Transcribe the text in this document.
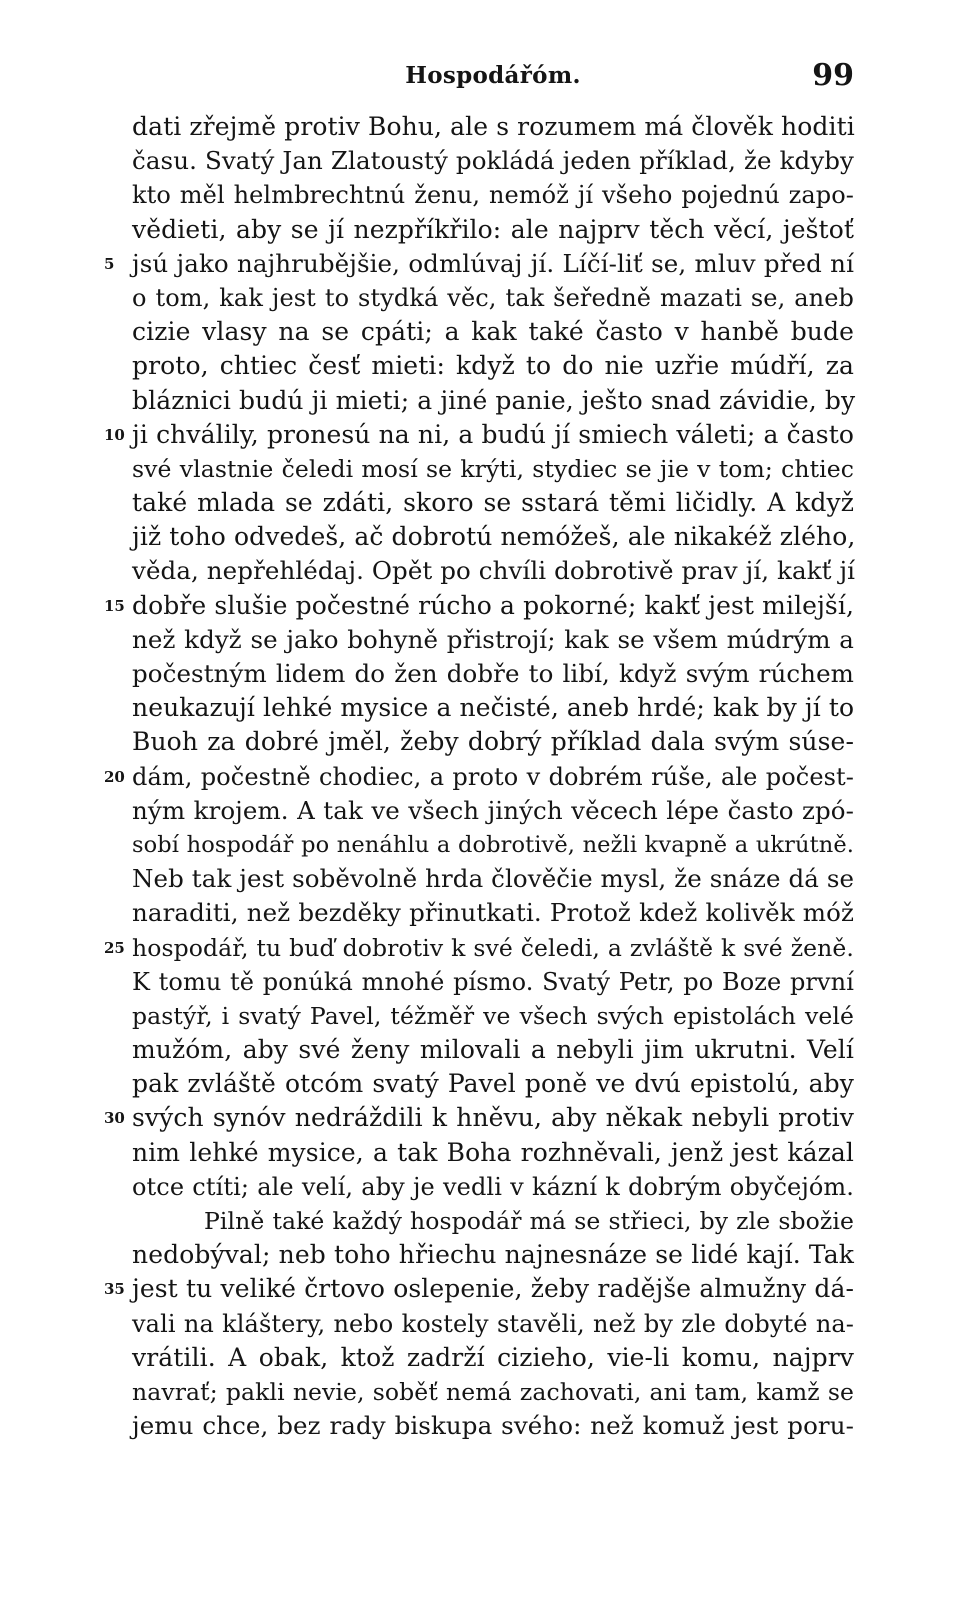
Hospodářóm.	99
dati zřejmě protiv Bohu, ale s rozumem má člověk hoditi
času. Svatý Jan Zlatoustý pokládá jeden příklad, že kdyby
kto měl helmbrechtnú ženu, nemóž jí všeho pojednú zapo-
vědieti, aby se jí nezpříkřilo: ale najprv těch věcí, ještoť
5 jsú jako najhrubějšie, odmlúvaj jí. Líčí-liť se, mluv před ní
o tom, kak jest to stydká věc, tak šeředně mazati se, aneb
cizie vlasy na se cpáti; a kak také často v hanbě bude
proto, chtiec česť mieti: když to do nie uzřie múdří, za
bláznici budú ji mieti; a jiné panie, ješto snad závidie, by
10 ji chválily, pronesú na ni, a budú jí smiech váleti; a často
své vlastnie čeledi mosí se krýti, stydiec se jie v tom; chtiec
také mlada se zdáti, skoro se sstará těmi ličidly. A když
již toho odvedeš, ač dobrotú nemóžeš, ale nikakéž zlého,
věda, nepřehlédaj. Opět po chvíli dobrotivě prav jí, kakť jí
15 dobře slušie počestné rúcho a pokorné; kakť jest milejší,
než když se jako bohyně přistrojí; kak se všem múdrým a
počestným lidem do žen dobře to libí, když svým rúchem
neukazují lehké mysice a nečisté, aneb hrdé; kak by jí to
Buoh za dobré jměl, žeby dobrý příklad dala svým súse-
20 dám, počestně chodiec, a proto v dobrém rúše, ale počest-
ným krojem. A tak ve všech jiných věcech lépe často zpó-
sobí hospodář po nenáhlu a dobrotivě, nežli kvapně a ukrútně.
Neb tak jest soběvolně hrda člověčie mysl, že snáze dá se
naraditi, než bezděky přinutkati. Protož kdež kolivěk móž
25 hospodář, tu buď dobrotiv k své čeledi, a zvláště k své ženě.
K tomu tě ponúká mnohé písmo. Svatý Petr, po Boze první
pastýř, i svatý Pavel, téžměř ve všech svých epistolách velé
mužóm, aby své ženy milovali a nebyli jim ukrutni. Velí
pak zvláště otcóm svatý Pavel poně ve dvú epistolú, aby
30 svých synóv nedráždili k hněvu, aby někak nebyli protiv
nim lehké mysice, a tak Boha rozhněvali, jenž jest kázal
otce ctíti; ale velí, aby je vedli v kázní k dobrým obyčejóm.
Pilně také každý hospodář má se střieci, by zle sbožie
nedobýval; neb toho hřiechu najnesnáze se lidé kají. Tak
35 jest tu veliké črtovo oslepenie, žeby radějše almužny dá-
vali na kláštery, nebo kostely stavěli, než by zle dobyté na-
vrátili. A obak, ktož zadrží cizieho, vie-li komu, najprv
navrať; pakli nevie, soběť nemá zachovati, ani tam, kamž se
jemu chce, bez rady biskupa svého: než komuž jest poru-
